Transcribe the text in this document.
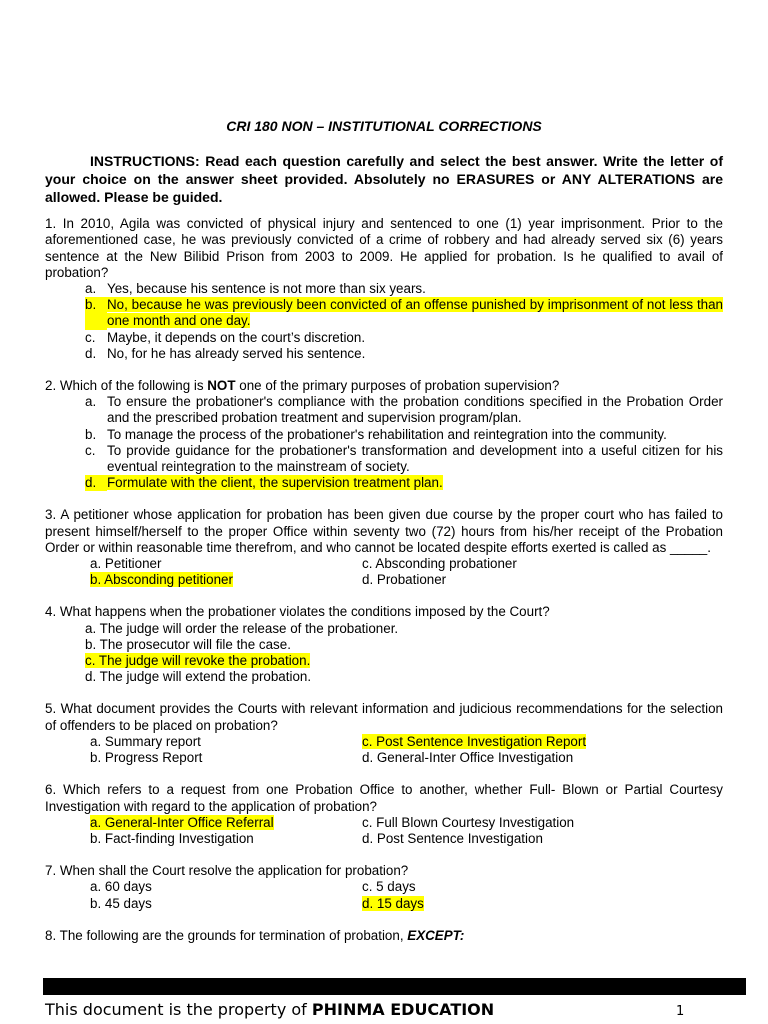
CRI 180 NON – INSTITUTIONAL CORRECTIONS

INSTRUCTIONS: Read each question carefully and select the best answer. Write the letter of your choice on the answer sheet provided. Absolutely no ERASURES or ANY ALTERATIONS are allowed. Please be guided.

1. In 2010, Agila was convicted of physical injury and sentenced to one (1) year imprisonment. Prior to the aforementioned case, he was previously convicted of a crime of robbery and had already served six (6) years sentence at the New Bilibid Prison from 2003 to 2009. He applied for probation. Is he qualified to avail of probation?

a. Yes, because his sentence is not more than six years.
b. No, because he was previously been convicted of an offense punished by imprisonment of not less than one month and one day.
c. Maybe, it depends on the court’s discretion.
d. No, for he has already served his sentence.

2. Which of the following is NOT one of the primary purposes of probation supervision?

a. To ensure the probationer's compliance with the probation conditions specified in the Probation Order and the prescribed probation treatment and supervision program/plan.
b. To manage the process of the probationer's rehabilitation and reintegration into the community.
c. To provide guidance for the probationer's transformation and development into a useful citizen for his eventual reintegration to the mainstream of society.
d. Formulate with the client, the supervision treatment plan.

3. A petitioner whose application for probation has been given due course by the proper court who has failed to present himself/herself to the proper Office within seventy two (72) hours from his/her receipt of the Probation Order or within reasonable time therefrom, and who cannot be located despite efforts exerted is called as _____.

a. Petitioner	c. Absconding probationer
b. Absconding petitioner	d. Probationer

4. What happens when the probationer violates the conditions imposed by the Court?

a. The judge will order the release of the probationer.
b. The prosecutor will file the case.
c. The judge will revoke the probation.
d. The judge will extend the probation.

5. What document provides the Courts with relevant information and judicious recommendations for the selection of offenders to be placed on probation?

a. Summary report	c. Post Sentence Investigation Report
b. Progress Report	d. General-Inter Office Investigation

6. Which refers to a request from one Probation Office to another, whether Full- Blown or Partial Courtesy Investigation with regard to the application of probation?

a. General-Inter Office Referral	c. Full Blown Courtesy Investigation
b. Fact-finding Investigation	d. Post Sentence Investigation

7. When shall the Court resolve the application for probation?

a. 60 days	c. 5 days
b. 45 days	d. 15 days

8. The following are the grounds for termination of probation, EXCEPT:

This document is the property of PHINMA EDUCATION	1
